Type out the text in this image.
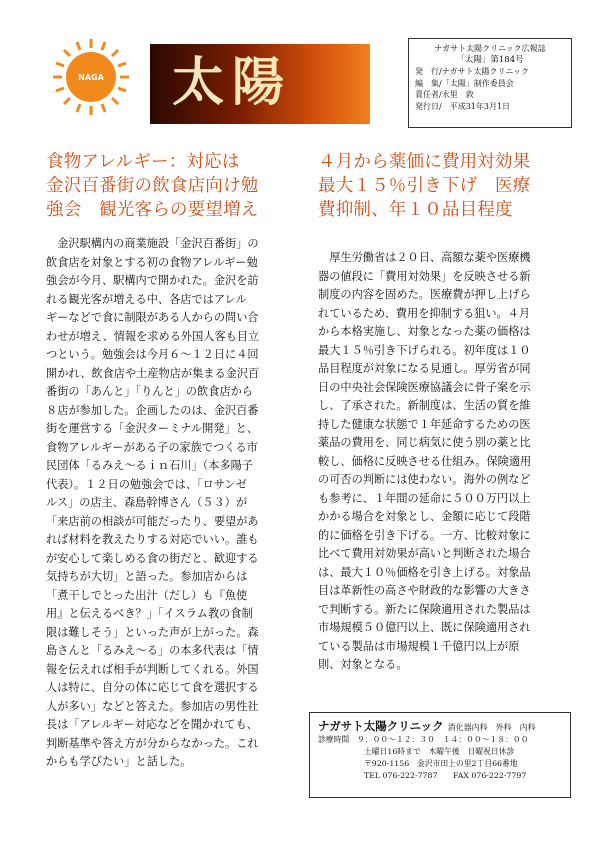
NAGA 太陽
ナガサト太陽クリニック広報誌
「太陽」第184号
発　行/ナガサト太陽クリニック
編　集/「太陽」制作委員会
責任者/永里　敦
発行日/　平成31年3月1日
食物アレルギー：対応は
金沢百番街の飲食店向け勉
強会　観光客らの要望増え
　金沢駅構内の商業施設「金沢百番街」の
飲食店を対象とする初の食物アレルギー勉
強会が今月、駅構内で開かれた。金沢を訪
れる観光客が増える中、各店ではアレル
ギーなどで食に制限がある人からの問い合
わせが増え、情報を求める外国人客も目立
つという。勉強会は今月６～１２日に４回
開かれ、飲食店や土産物店が集まる金沢百
番街の「あんと」「りんと」の飲食店から
８店が参加した。企画したのは、金沢百番
街を運営する「金沢ターミナル開発」と、
食物アレルギーがある子の家族でつくる市
民団体「るみえ～るｉｎ石川」（本多陽子
代表）。１２日の勉強会では、「ロサンゼ
ルス」の店主、森島幹博さん（５３）が
「来店前の相談が可能だったり、要望があ
れば材料を教えたりする対応でいい。誰も
が安心して楽しめる食の街だと、歓迎する
気持ちが大切」と語った。参加店からは
「煮干しでとった出汁（だし）も『魚使
用』と伝えるべき？」「イスラム教の食制
限は難しそう」といった声が上がった。森
島さんと「るみえ～る」の本多代表は「情
報を伝えれば相手が判断してくれる。外国
人は特に、自分の体に応じて食を選択する
人が多い」などと答えた。参加店の男性社
長は「アレルギー対応などを聞かれても、
判断基準や答え方が分からなかった。これ
からも学びたい」と話した。
４月から薬価に費用対効果
最大１５％引き下げ　医療
費抑制、年１０品目程度
　厚生労働省は２０日、高額な薬や医療機
器の値段に「費用対効果」を反映させる新
制度の内容を固めた。医療費が押し上げら
れているため、費用を抑制する狙い。４月
から本格実施し、対象となった薬の価格は
最大１５％引き下げられる。初年度は１０
品目程度が対象になる見通し。厚労省が同
日の中央社会保険医療協議会に骨子案を示
し、了承された。新制度は、生活の質を維
持した健康な状態で１年延命するための医
薬品の費用を、同じ病気に使う別の薬と比
較し、価格に反映させる仕組み。保険適用
の可否の判断には使わない。海外の例など
も参考に、１年間の延命に５００万円以上
かかる場合を対象とし、金額に応じて段階
的に価格を引き下げる。一方、比較対象に
比べて費用対効果が高いと判断された場合
は、最大１０％価格を引き上げる。対象品
目は革新性の高さや財政的な影響の大きさ
で判断する。新たに保険適用された製品は
市場規模５０億円以上、既に保険適用され
ている製品は市場規模１千億円以上が原
則、対象となる。
ナガサト太陽クリニック 消化器内科　外科　内科
診療時間　９：００～１２：３０　１４：００～１８：００
土曜日16時まで　木曜午後　日曜祝日休診
〒920-1156　金沢市田上の里2丁目66番地
TEL 076-222-7787　　FAX 076-222-7797
